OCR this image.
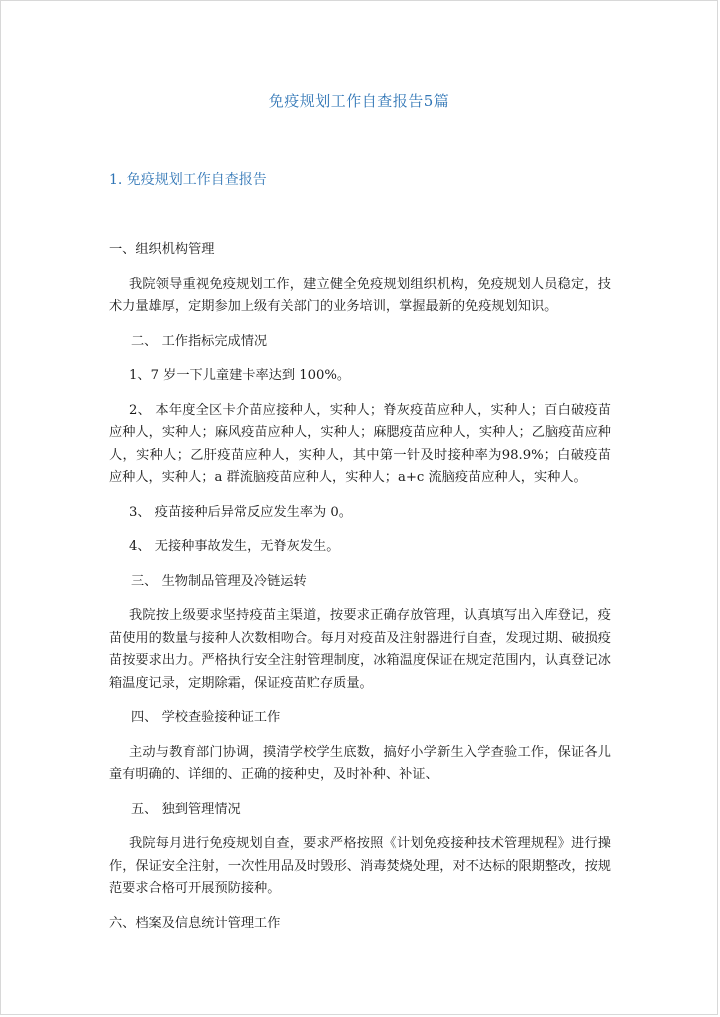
免疫规划工作自查报告5篇
1. 免疫规划工作自查报告

一、组织机构管理

我院领导重视免疫规划工作，建立健全免疫规划组织机构，免疫规划人员稳定，技术力量雄厚，定期参加上级有关部门的业务培训，掌握最新的免疫规划知识。

二、 工作指标完成情况

1、7 岁一下儿童建卡率达到 100%。

2、 本年度全区卡介苗应接种人，实种人；脊灰疫苗应种人，实种人；百白破疫苗应种人，实种人；麻风疫苗应种人，实种人；麻腮疫苗应种人，实种人；乙脑疫苗应种人，实种人；乙肝疫苗应种人，实种人，其中第一针及时接种率为98.9%；白破疫苗应种人，实种人；a 群流脑疫苗应种人，实种人；a+c 流脑疫苗应种人，实种人。

3、 疫苗接种后异常反应发生率为 0。

4、 无接种事故发生，无脊灰发生。

三、 生物制品管理及冷链运转

我院按上级要求坚持疫苗主渠道，按要求正确存放管理，认真填写出入库登记，疫苗使用的数量与接种人次数相吻合。每月对疫苗及注射器进行自查，发现过期、破损疫苗按要求出力。严格执行安全注射管理制度，冰箱温度保证在规定范围内，认真登记冰箱温度记录，定期除霜，保证疫苗贮存质量。

四、 学校查验接种证工作

主动与教育部门协调，摸清学校学生底数，搞好小学新生入学查验工作，保证各儿童有明确的、详细的、正确的接种史，及时补种、补证、

五、 独到管理情况

我院每月进行免疫规划自查，要求严格按照《计划免疫接种技术管理规程》进行操作，保证安全注射，一次性用品及时毁形、消毒焚烧处理，对不达标的限期整改，按规范要求合格可开展预防接种。

六、档案及信息统计管理工作
